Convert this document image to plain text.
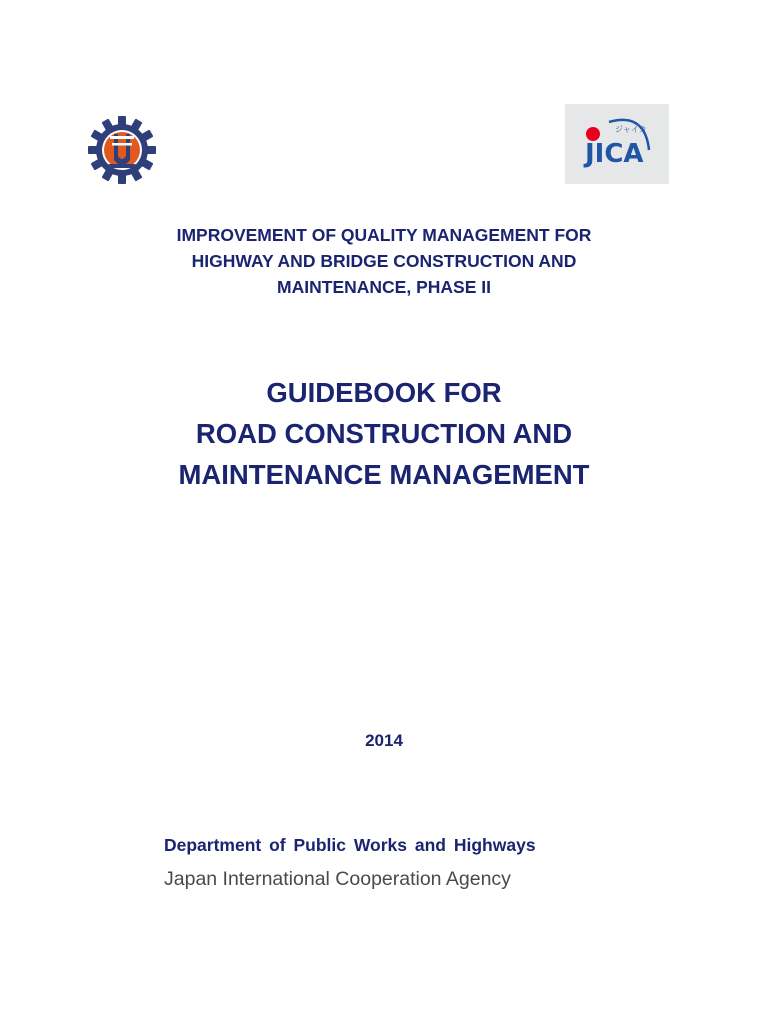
ジャイカ
JICA
IMPROVEMENT OF QUALITY MANAGEMENT FOR
HIGHWAY AND BRIDGE CONSTRUCTION AND
MAINTENANCE, PHASE II
GUIDEBOOK FOR
ROAD CONSTRUCTION AND
MAINTENANCE MANAGEMENT
2014
Department of Public Works and Highways
Japan International Cooperation Agency
